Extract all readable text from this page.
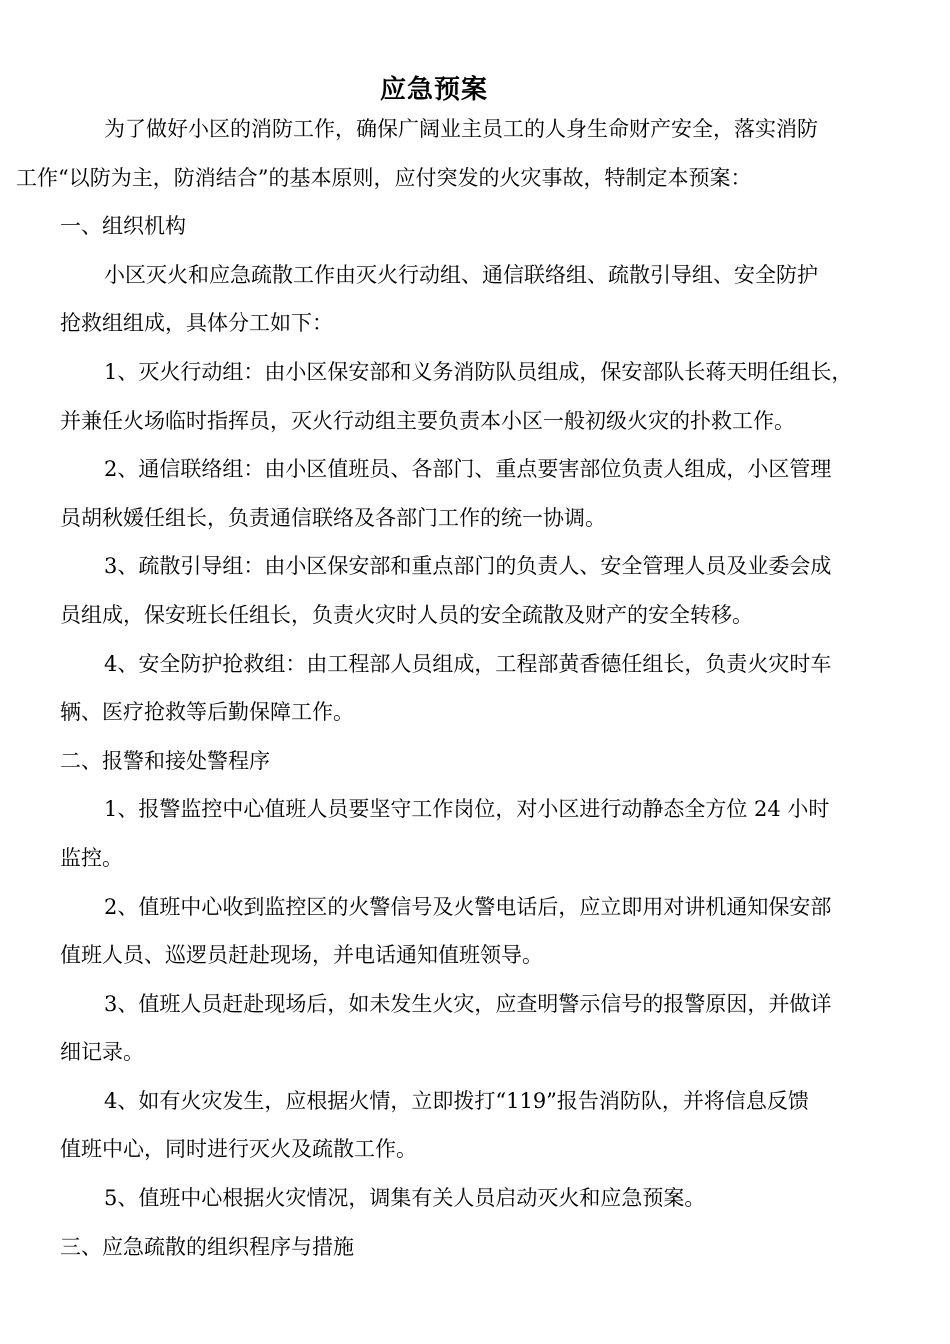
应急预案
为了做好小区的消防工作，确保广阔业主员工的人身生命财产安全，落实消防
工作“以防为主，防消结合”的基本原则，应付突发的火灾事故，特制定本预案：
一、组织机构
小区灭火和应急疏散工作由灭火行动组、通信联络组、疏散引导组、安全防护
抢救组组成，具体分工如下：
1、灭火行动组：由小区保安部和义务消防队员组成，保安部队长蒋天明任组长，
并兼任火场临时指挥员，灭火行动组主要负责本小区一般初级火灾的扑救工作。
2、通信联络组：由小区值班员、各部门、重点要害部位负责人组成，小区管理
员胡秋媛任组长，负责通信联络及各部门工作的统一协调。
3、疏散引导组：由小区保安部和重点部门的负责人、安全管理人员及业委会成
员组成，保安班长任组长，负责火灾时人员的安全疏散及财产的安全转移。
4、安全防护抢救组：由工程部人员组成，工程部黄香德任组长，负责火灾时车
辆、医疗抢救等后勤保障工作。
二、报警和接处警程序
1、报警监控中心值班人员要坚守工作岗位，对小区进行动静态全方位 24 小时
监控。
2、值班中心收到监控区的火警信号及火警电话后，应立即用对讲机通知保安部
值班人员、巡逻员赶赴现场，并电话通知值班领导。
3、值班人员赶赴现场后，如未发生火灾，应查明警示信号的报警原因，并做详
细记录。
4、如有火灾发生，应根据火情，立即拨打“119”报告消防队，并将信息反馈
值班中心，同时进行灭火及疏散工作。
5、值班中心根据火灾情况，调集有关人员启动灭火和应急预案。
三、应急疏散的组织程序与措施
